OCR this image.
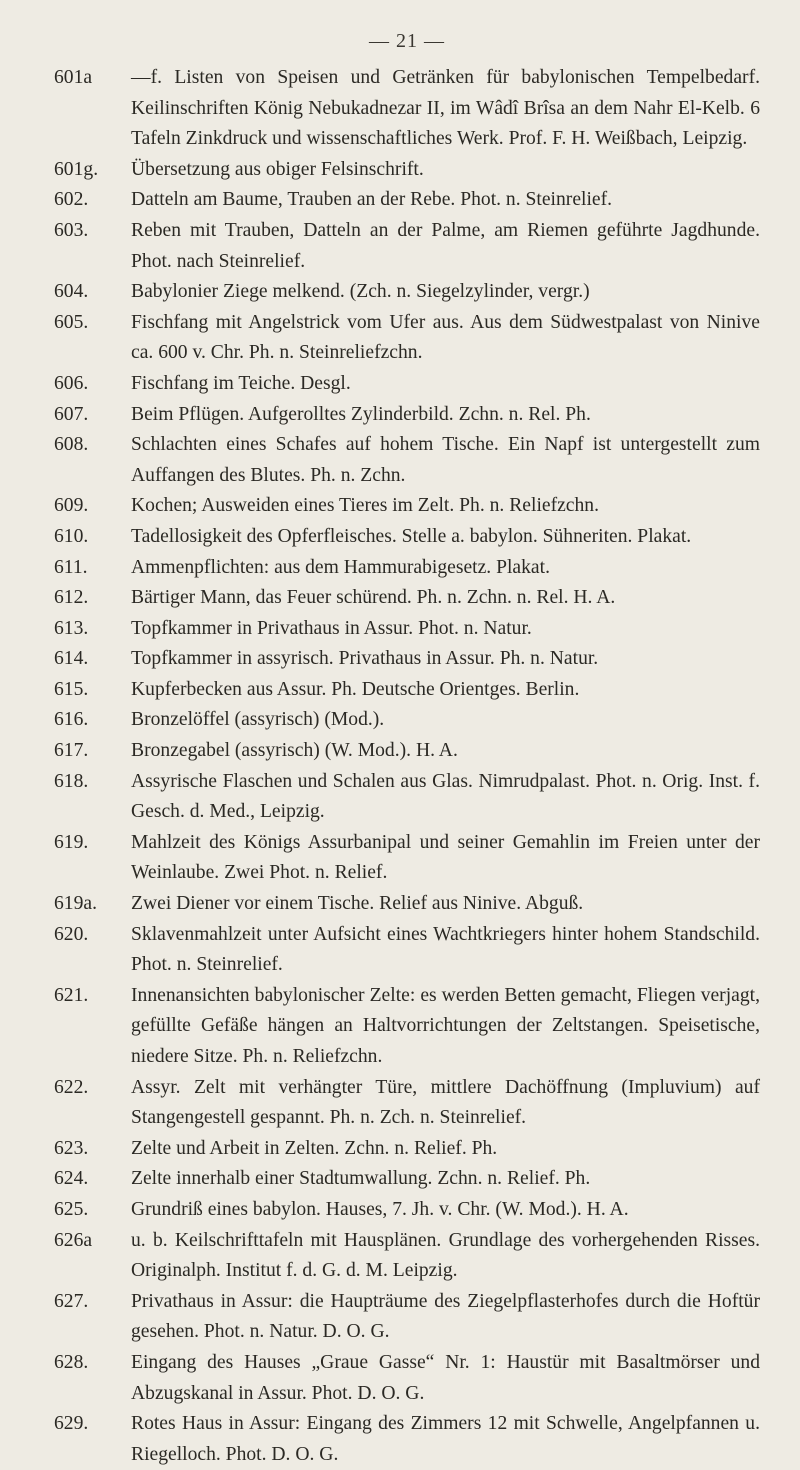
— 21 —
601a	—f. Listen von Speisen und Getränken für babylonischen Tempelbedarf. Keilinschriften König Nebukadnezar II, im Wâdî Brîsa an dem Nahr El-Kelb. 6 Tafeln Zinkdruck und wissenschaftliches Werk. Prof. F. H. Weißbach, Leipzig.
601g.	Übersetzung aus obiger Felsinschrift.
602.	Datteln am Baume, Trauben an der Rebe. Phot. n. Steinrelief.
603.	Reben mit Trauben, Datteln an der Palme, am Riemen geführte Jagdhunde. Phot. nach Steinrelief.
604.	Babylonier Ziege melkend. (Zch. n. Siegelzylinder, vergr.)
605.	Fischfang mit Angelstrick vom Ufer aus. Aus dem Südwestpalast von Ninive ca. 600 v. Chr. Ph. n. Steinreliefzchn.
606.	Fischfang im Teiche. Desgl.
607.	Beim Pflügen. Aufgerolltes Zylinderbild. Zchn. n. Rel. Ph.
608.	Schlachten eines Schafes auf hohem Tische. Ein Napf ist untergestellt zum Auffangen des Blutes. Ph. n. Zchn.
609.	Kochen; Ausweiden eines Tieres im Zelt. Ph. n. Reliefzchn.
610.	Tadellosigkeit des Opferfleisches. Stelle a. babylon. Sühneriten. Plakat.
611.	Ammenpflichten: aus dem Hammurabigesetz. Plakat.
612.	Bärtiger Mann, das Feuer schürend. Ph. n. Zchn. n. Rel. H. A.
613.	Topfkammer in Privathaus in Assur. Phot. n. Natur.
614.	Topfkammer in assyrisch. Privathaus in Assur. Ph. n. Natur.
615.	Kupferbecken aus Assur. Ph. Deutsche Orientges. Berlin.
616.	Bronzelöffel (assyrisch) (Mod.).
617.	Bronzegabel (assyrisch) (W. Mod.). H. A.
618.	Assyrische Flaschen und Schalen aus Glas. Nimrudpalast. Phot. n. Orig. Inst. f. Gesch. d. Med., Leipzig.
619.	Mahlzeit des Königs Assurbanipal und seiner Gemahlin im Freien unter der Weinlaube. Zwei Phot. n. Relief.
619a.	Zwei Diener vor einem Tische. Relief aus Ninive. Abguß.
620.	Sklavenmahlzeit unter Aufsicht eines Wachtkriegers hinter hohem Standschild. Phot. n. Steinrelief.
621.	Innenansichten babylonischer Zelte: es werden Betten gemacht, Fliegen verjagt, gefüllte Gefäße hängen an Haltvorrichtungen der Zeltstangen. Speisetische, niedere Sitze. Ph. n. Reliefzchn.
622.	Assyr. Zelt mit verhängter Türe, mittlere Dachöffnung (Impluvium) auf Stangengestell gespannt. Ph. n. Zch. n. Steinrelief.
623.	Zelte und Arbeit in Zelten. Zchn. n. Relief. Ph.
624.	Zelte innerhalb einer Stadtumwallung. Zchn. n. Relief. Ph.
625.	Grundriß eines babylon. Hauses, 7. Jh. v. Chr. (W. Mod.). H. A.
626a	u. b. Keilschrifttafeln mit Hausplänen. Grundlage des vorhergehenden Risses. Originalph. Institut f. d. G. d. M. Leipzig.
627.	Privathaus in Assur: die Haupträume des Ziegelpflasterhofes durch die Hoftür gesehen. Phot. n. Natur. D. O. G.
628.	Eingang des Hauses „Graue Gasse“ Nr. 1: Haustür mit Basaltmörser und Abzugskanal in Assur. Phot. D. O. G.
629.	Rotes Haus in Assur: Eingang des Zimmers 12 mit Schwelle, Angelpfannen u. Riegelloch. Phot. D. O. G.
